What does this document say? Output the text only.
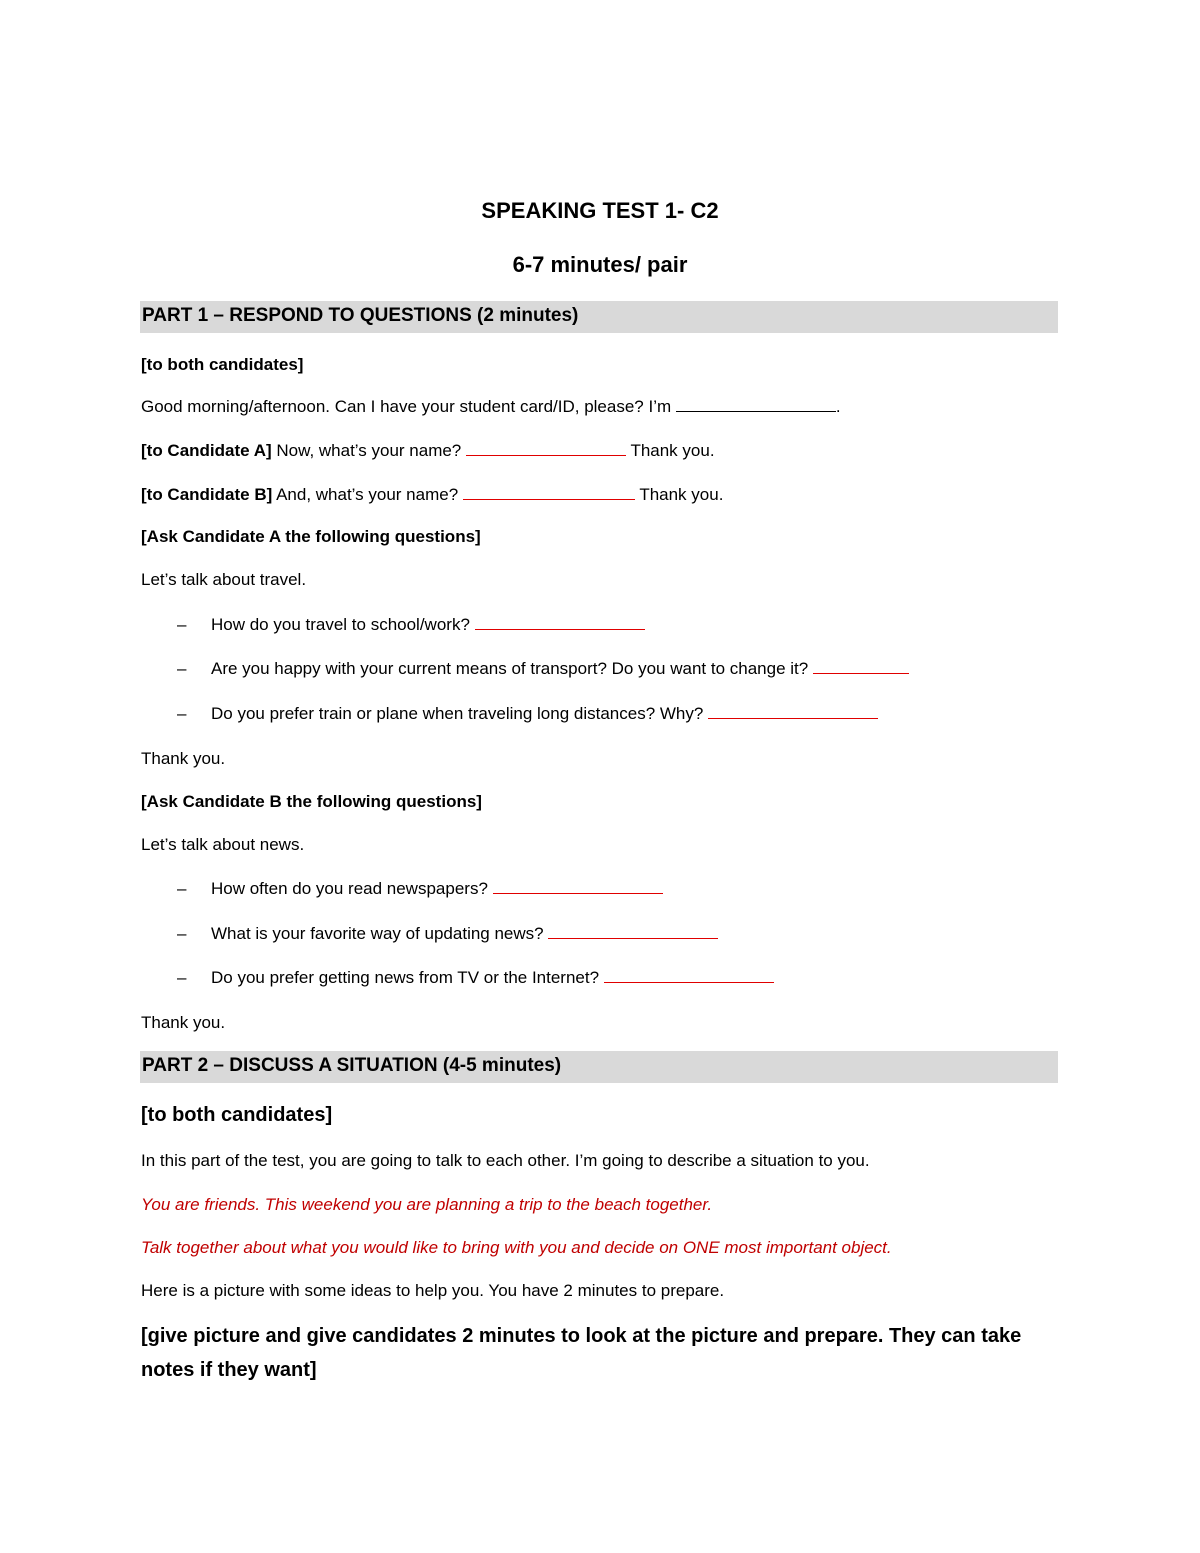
SPEAKING TEST 1- C2
6-7 minutes/ pair
PART 1 – RESPOND TO QUESTIONS (2 minutes)
[to both candidates]
Good morning/afternoon. Can I have your student card/ID, please? I’m	.
[to Candidate A] Now, what’s your name?	Thank you.
[to Candidate B] And, what’s your name?	Thank you.
[Ask Candidate A the following questions]
Let’s talk about travel.
– How do you travel to school/work?
– Are you happy with your current means of transport? Do you want to change it?
– Do you prefer train or plane when traveling long distances? Why?
Thank you.
[Ask Candidate B the following questions]
Let’s talk about news.
– How often do you read newspapers?
– What is your favorite way of updating news?
– Do you prefer getting news from TV or the Internet?
Thank you.
PART 2 – DISCUSS A SITUATION (4-5 minutes)
[to both candidates]
In this part of the test, you are going to talk to each other. I’m going to describe a situation to you.
You are friends. This weekend you are planning a trip to the beach together.
Talk together about what you would like to bring with you and decide on ONE most important object.
Here is a picture with some ideas to help you. You have 2 minutes to prepare.
[give picture and give candidates 2 minutes to look at the picture and prepare. They can take notes if they want]
